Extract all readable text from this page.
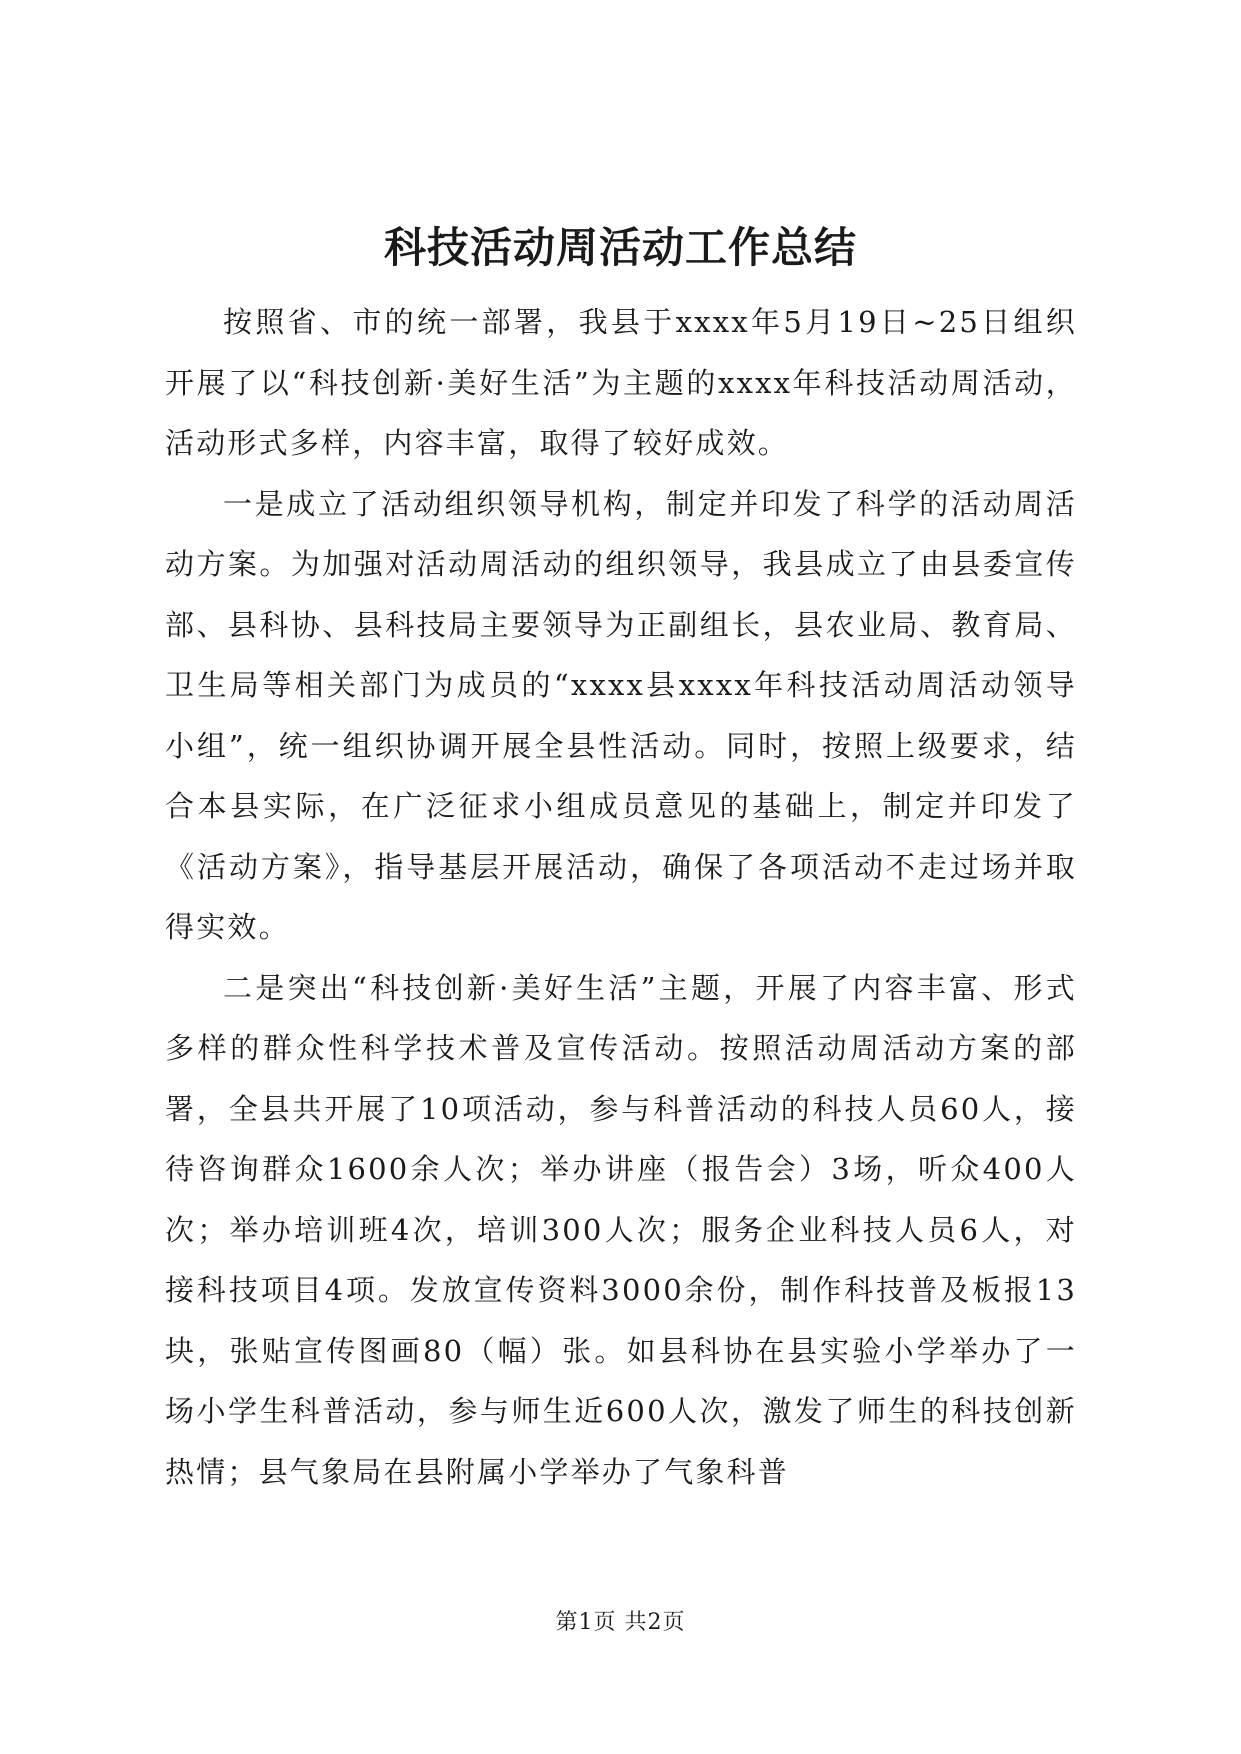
科技活动周活动工作总结

按照省、市的统一部署，我县于xxxx年5月19日~25日组织开展了以“科技创新·美好生活”为主题的xxxx年科技活动周活动，活动形式多样，内容丰富，取得了较好成效。

一是成立了活动组织领导机构，制定并印发了科学的活动周活动方案。为加强对活动周活动的组织领导，我县成立了由县委宣传部、县科协、县科技局主要领导为正副组长，县农业局、教育局、卫生局等相关部门为成员的“xxxx县xxxx年科技活动周活动领导小组”，统一组织协调开展全县性活动。同时，按照上级要求，结合本县实际，在广泛征求小组成员意见的基础上，制定并印发了《活动方案》，指导基层开展活动，确保了各项活动不走过场并取得实效。

二是突出“科技创新·美好生活”主题，开展了内容丰富、形式多样的群众性科学技术普及宣传活动。按照活动周活动方案的部署，全县共开展了10项活动，参与科普活动的科技人员60人，接待咨询群众1600余人次；举办讲座（报告会）3场，听众400人次；举办培训班4次，培训300人次；服务企业科技人员6人，对接科技项目4项。发放宣传资料3000余份，制作科技普及板报13块，张贴宣传图画80（幅）张。如县科协在县实验小学举办了一场小学生科普活动，参与师生近600人次，激发了师生的科技创新热情；县气象局在县附属小学举办了气象科普

第1页 共2页
